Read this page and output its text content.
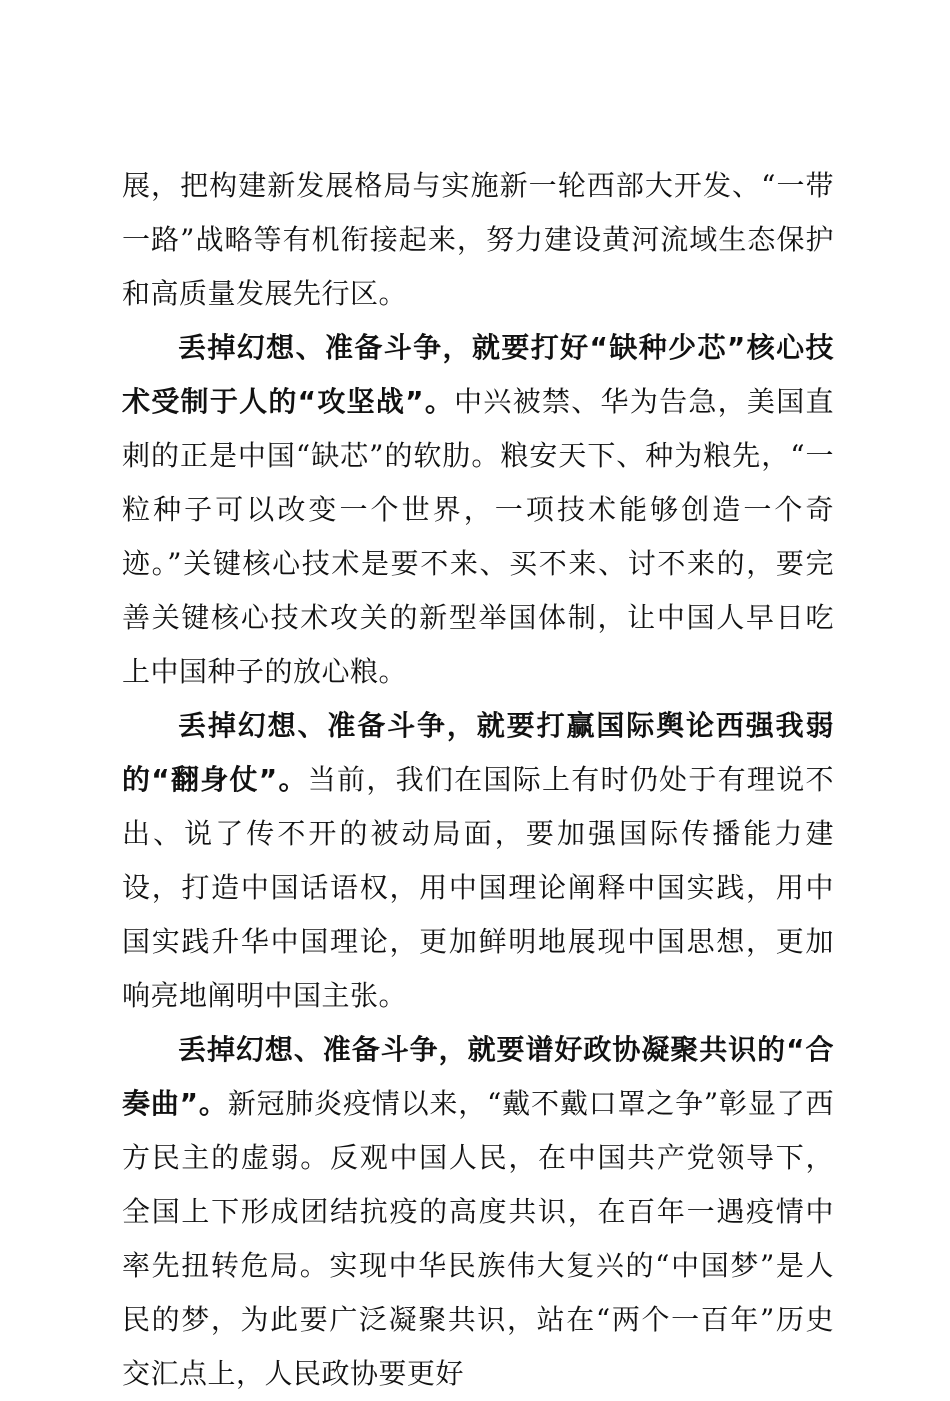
展，把构建新发展格局与实施新一轮西部大开发、“一带一路”战略等有机衔接起来，努力建设黄河流域生态保护和高质量发展先行区。

丢掉幻想、准备斗争，就要打好“缺种少芯”核心技术受制于人的“攻坚战”。中兴被禁、华为告急，美国直刺的正是中国“缺芯”的软肋。粮安天下、种为粮先，“一粒种子可以改变一个世界，一项技术能够创造一个奇迹。”关键核心技术是要不来、买不来、讨不来的，要完善关键核心技术攻关的新型举国体制，让中国人早日吃上中国种子的放心粮。

丢掉幻想、准备斗争，就要打赢国际舆论西强我弱的“翻身仗”。当前，我们在国际上有时仍处于有理说不出、说了传不开的被动局面，要加强国际传播能力建设，打造中国话语权，用中国理论阐释中国实践，用中国实践升华中国理论，更加鲜明地展现中国思想，更加响亮地阐明中国主张。

丢掉幻想、准备斗争，就要谱好政协凝聚共识的“合奏曲”。新冠肺炎疫情以来，“戴不戴口罩之争”彰显了西方民主的虚弱。反观中国人民，在中国共产党领导下，全国上下形成团结抗疫的高度共识，在百年一遇疫情中率先扭转危局。实现中华民族伟大复兴的“中国梦”是人民的梦，为此要广泛凝聚共识，站在“两个一百年”历史交汇点上，人民政协要更好
